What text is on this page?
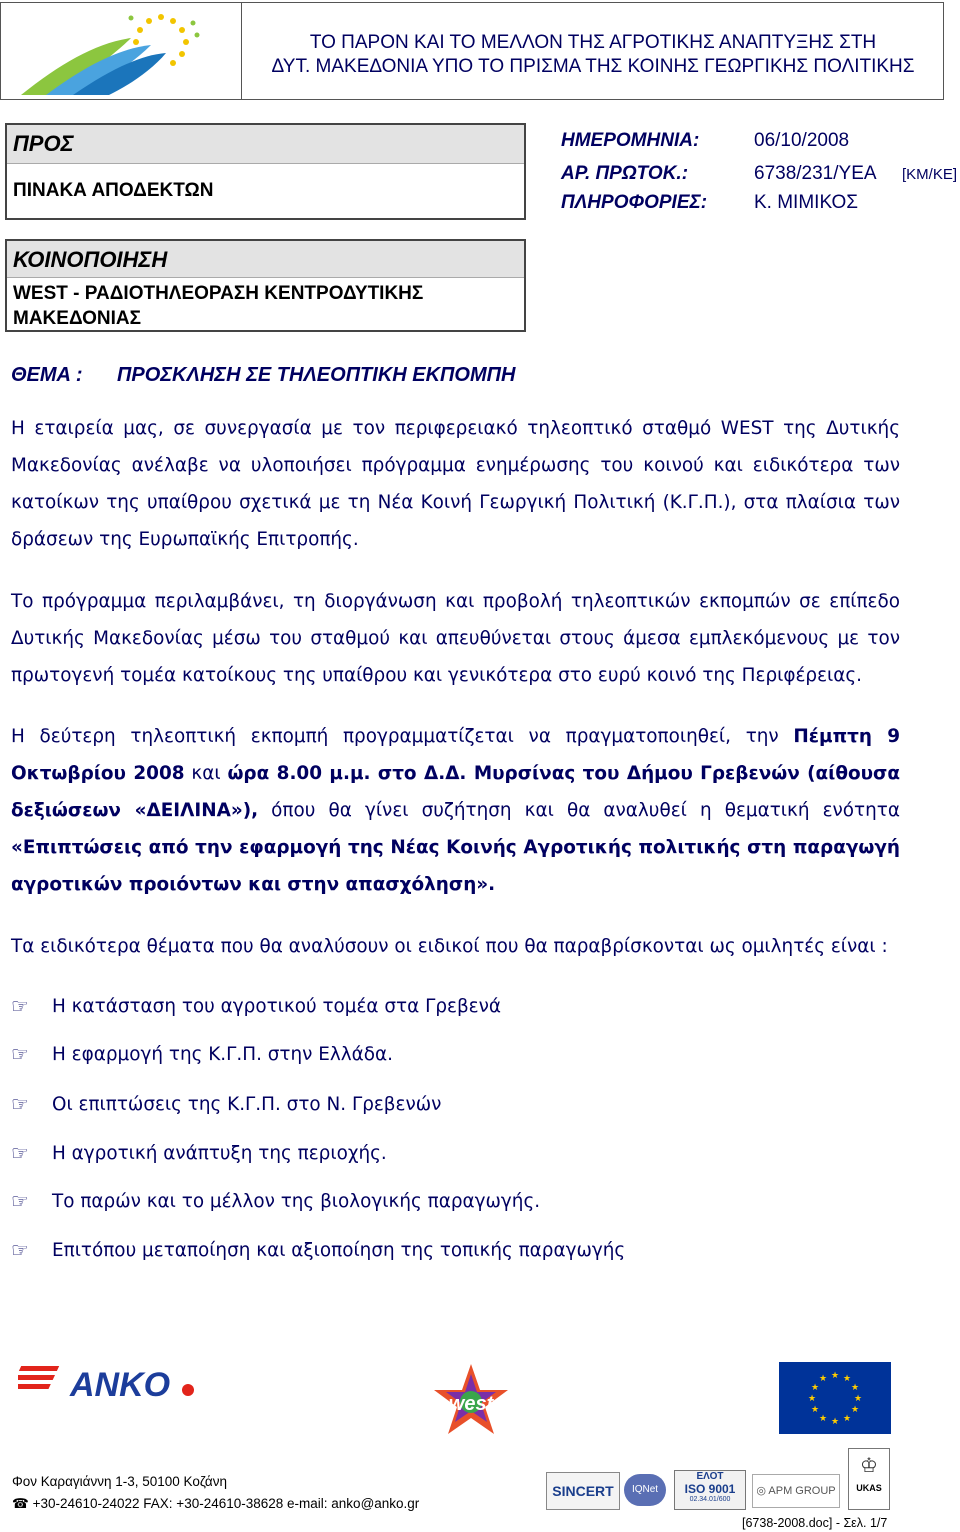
ΤΟ ΠΑΡΟΝ ΚΑΙ ΤΟ ΜΕΛΛΟΝ ΤΗΣ ΑΓΡΟΤΙΚΗΣ ΑΝΑΠΤΥΞΗΣ ΣΤΗ
ΔΥΤ. ΜΑΚΕΔΟΝΙΑ ΥΠΟ ΤΟ ΠΡΙΣΜΑ ΤΗΣ ΚΟΙΝΗΣ ΓΕΩΡΓΙΚΗΣ ΠΟΛΙΤΙΚΗΣ
ΠΡΟΣ
ΠΙΝΑΚΑ ΑΠΟΔΕΚΤΩΝ
ΗΜΕΡΟΜΗΝΙΑ:	06/10/2008
ΑΡ. ΠΡΩΤΟΚ.:	6738/231/ΥΕΑ [ΚΜ/ΚΕ]
ΠΛΗΡΟΦΟΡΙΕΣ: Κ. ΜΙΜΙΚΟΣ
ΚΟΙΝΟΠΟΙΗΣΗ
WEST - ΡΑΔΙΟΤΗΛΕΟΡΑΣΗ ΚΕΝΤΡΟΔΥΤΙΚΗΣ
ΜΑΚΕΔΟΝΙΑΣ
ΘΕΜΑ : ΠΡΟΣΚΛΗΣΗ ΣΕ ΤΗΛΕΟΠΤΙΚΗ ΕΚΠΟΜΠΗ
Η εταιρεία μας, σε συνεργασία με τον περιφερειακό τηλεοπτικό σταθμό WEST της Δυτικής Μακεδονίας ανέλαβε να υλοποιήσει πρόγραμμα ενημέρωσης του κοινού και ειδικότερα των κατοίκων της υπαίθρου σχετικά με τη Νέα Κοινή Γεωργική Πολιτική (Κ.Γ.Π.), στα πλαίσια των δράσεων της Ευρωπαϊκής Επιτροπής.
Το πρόγραμμα περιλαμβάνει, τη διοργάνωση και προβολή τηλεοπτικών εκπομπών σε επίπεδο Δυτικής Μακεδονίας μέσω του σταθμού και απευθύνεται στους άμεσα εμπλεκόμενους με τον πρωτογενή τομέα κατοίκους της υπαίθρου και γενικότερα στο ευρύ κοινό της Περιφέρειας.
Η δεύτερη τηλεοπτική εκπομπή προγραμματίζεται να πραγματοποιηθεί, την Πέμπτη 9 Οκτωβρίου 2008 και ώρα 8.00 μ.μ. στο Δ.Δ. Μυρσίνας του Δήμου Γρεβενών (αίθουσα δεξιώσεων «ΔΕΙΛΙΝΑ»), όπου θα γίνει συζήτηση και θα αναλυθεί η θεματική ενότητα «Επιπτώσεις από την εφαρμογή της Νέας Κοινής Αγροτικής πολιτικής στη παραγωγή αγροτικών προιόντων και στην απασχόληση».
Τα ειδικότερα θέματα που θα αναλύσουν οι ειδικοί που θα παραβρίσκονται ως ομιλητές είναι :
☞	Η κατάσταση του αγροτικού τομέα στα Γρεβενά
☞	Η εφαρμογή της Κ.Γ.Π. στην Ελλάδα.
☞	Οι επιπτώσεις της Κ.Γ.Π. στο Ν. Γρεβενών
☞	Η αγροτική ανάπτυξη της περιοχής.
☞	Το παρών και το μέλλον της βιολογικής παραγωγής.
☞	Επιτόπου μεταποίηση και αξιοποίηση της τοπικής παραγωγής
ANKO	west
★ ★
★
★
★
★
★
★
★
★
★
★
Φον Καραγιάννη 1-3, 50100 Κοζάνη
☎ +30-24610-24022 FAX: +30-24610-38628 e-mail: anko@anko.gr
SINCERT	IQNet
ΕΛΟΤ
ISO 9001
02.34.01/600
◎ APM GROUP
♔
UKAS
[6738-2008.doc] - Σελ. 1/7
